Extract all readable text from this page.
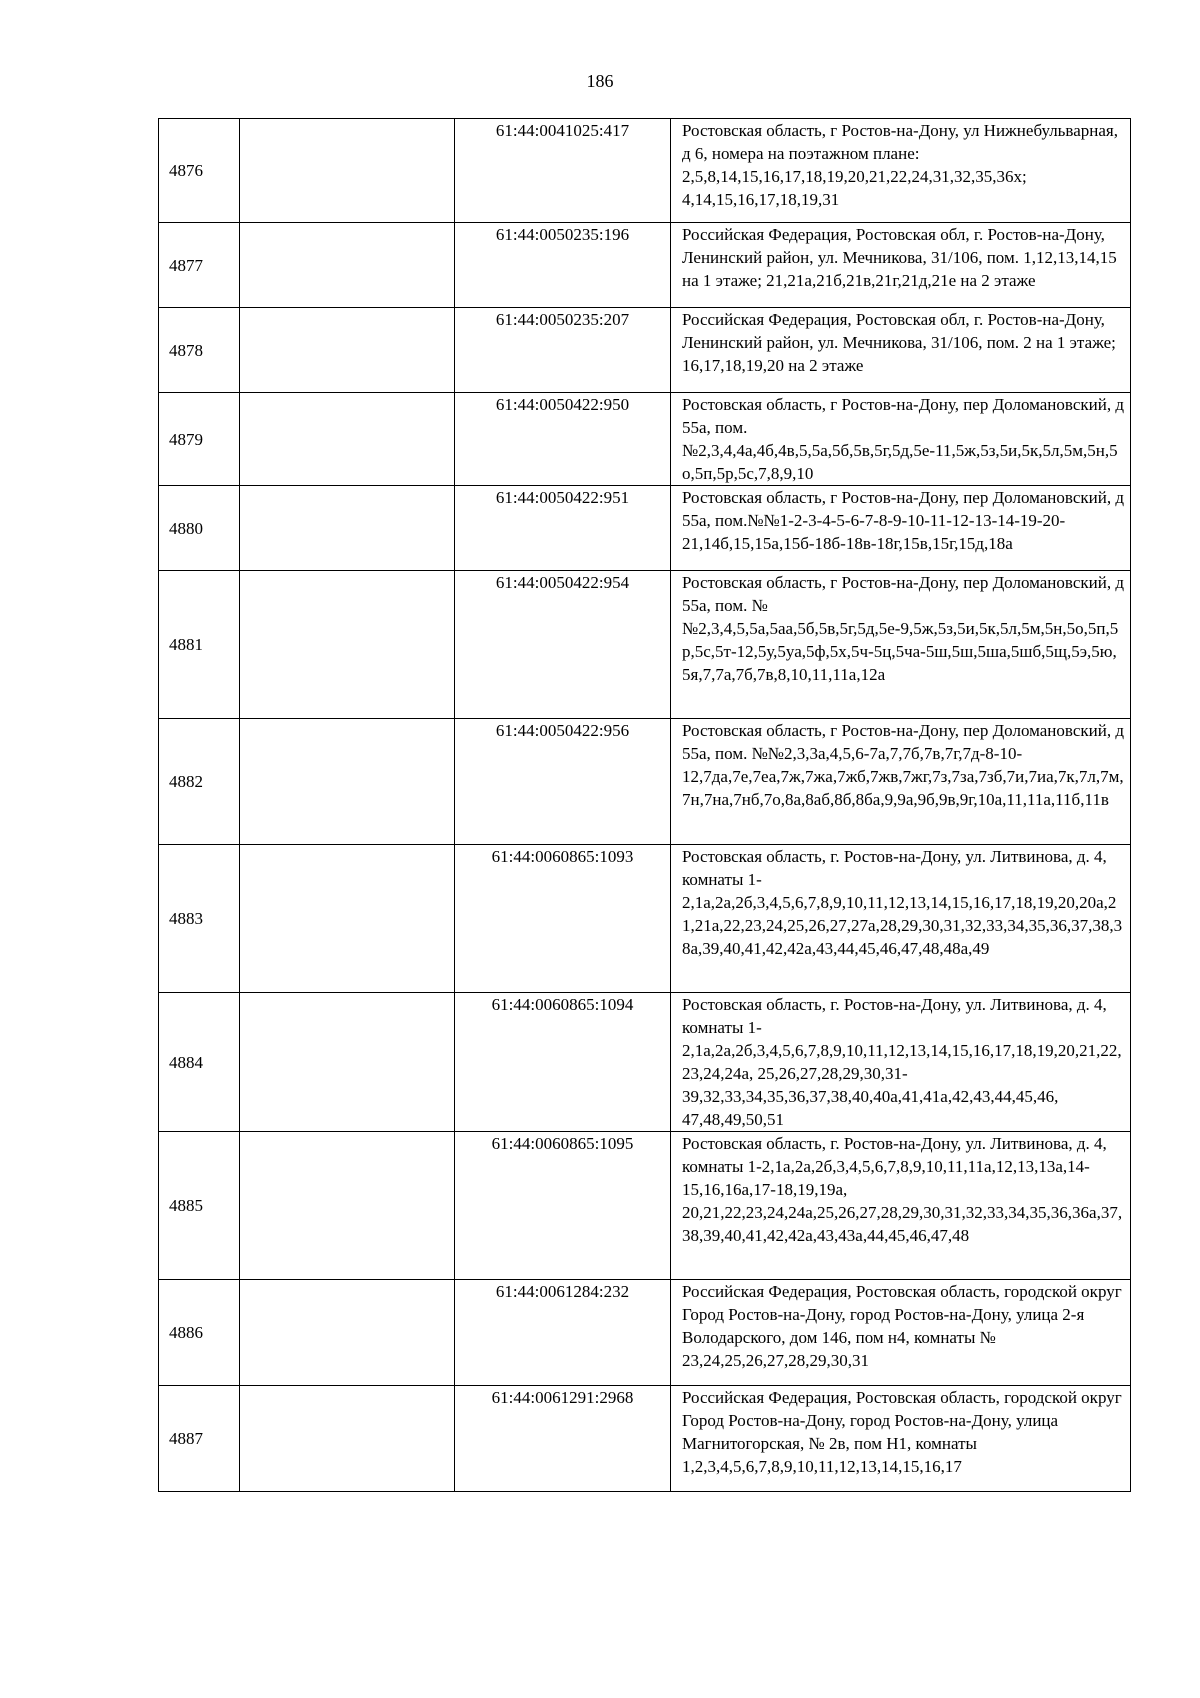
186
4876		61:44:0041025:417	Ростовская область, г Ростов-на-Дону, ул Нижнебульварная, д 6, номера на поэтажном плане: 2,5,8,14,15,16,17,18,19,20,21,22,24,31,32,35,36х; 4,14,15,16,17,18,19,31
4877		61:44:0050235:196	Российская Федерация, Ростовская обл, г. Ростов-на-Дону, Ленинский район, ул. Мечникова, 31/106, пом. 1,12,13,14,15 на 1 этаже; 21,21а,21б,21в,21г,21д,21е на 2 этаже
4878		61:44:0050235:207	Российская Федерация, Ростовская обл, г. Ростов-на-Дону, Ленинский район, ул. Мечникова, 31/106, пом. 2 на 1 этаже; 16,17,18,19,20 на 2 этаже
4879		61:44:0050422:950	Ростовская область, г Ростов-на-Дону, пер Доломановский, д 55а, пом. №2,3,4,4а,4б,4в,5,5а,5б,5в,5г,5д,5е-11,5ж,5з,5и,5к,5л,5м,5н,5о,5п,5р,5с,7,8,9,10
4880		61:44:0050422:951	Ростовская область, г Ростов-на-Дону, пер Доломановский, д 55а, пом.№№1-2-3-4-5-6-7-8-9-10-11-12-13-14-19-20-21,14б,15,15а,15б-18б-18в-18г,15в,15г,15д,18а
4881		61:44:0050422:954	Ростовская область, г Ростов-на-Дону, пер Доломановский, д 55а, пом. №№2,3,4,5,5а,5аа,5б,5в,5г,5д,5е-9,5ж,5з,5и,5к,5л,5м,5н,5о,5п,5р,5с,5т-12,5у,5уа,5ф,5х,5ч-5ц,5ча-5ш,5ш,5ша,5шб,5щ,5э,5ю,5я,7,7а,7б,7в,8,10,11,11а,12а
4882		61:44:0050422:956	Ростовская область, г Ростов-на-Дону, пер Доломановский, д 55а, пом. №№2,3,3а,4,5,6-7а,7,7б,7в,7г,7д-8-10-12,7да,7е,7еа,7ж,7жа,7жб,7жв,7жг,7з,7за,7зб,7и,7иа,7к,7л,7м,7н,7на,7нб,7о,8а,8аб,8б,8ба,9,9а,9б,9в,9г,10а,11,11а,11б,11в
4883		61:44:0060865:1093	Ростовская область, г. Ростов-на-Дону, ул. Литвинова, д. 4, комнаты 1-2,1а,2а,2б,3,4,5,6,7,8,9,10,11,12,13,14,15,16,17,18,19,20,20а,21,21а,22,23,24,25,26,27,27а,28,29,30,31,32,33,34,35,36,37,38,38а,39,40,41,42,42а,43,44,45,46,47,48,48а,49
4884		61:44:0060865:1094	Ростовская область, г. Ростов-на-Дону, ул. Литвинова, д. 4, комнаты 1-2,1а,2а,2б,3,4,5,6,7,8,9,10,11,12,13,14,15,16,17,18,19,20,21,22,23,24,24а, 25,26,27,28,29,30,31-39,32,33,34,35,36,37,38,40,40а,41,41а,42,43,44,45,46, 47,48,49,50,51
4885		61:44:0060865:1095	Ростовская область, г. Ростов-на-Дону, ул. Литвинова, д. 4, комнаты 1-2,1а,2а,2б,3,4,5,6,7,8,9,10,11,11а,12,13,13а,14-15,16,16а,17-18,19,19а, 20,21,22,23,24,24а,25,26,27,28,29,30,31,32,33,34,35,36,36а,37,38,39,40,41,42,42а,43,43а,44,45,46,47,48
4886		61:44:0061284:232	Российская Федерация, Ростовская область, городской округ Город Ростов-на-Дону, город Ростов-на-Дону, улица 2-я Володарского, дом 146, пом н4, комнаты № 23,24,25,26,27,28,29,30,31
4887		61:44:0061291:2968	Российская Федерация, Ростовская область, городской округ Город Ростов-на-Дону, город Ростов-на-Дону, улица Магнитогорская, № 2в, пом Н1, комнаты 1,2,3,4,5,6,7,8,9,10,11,12,13,14,15,16,17
